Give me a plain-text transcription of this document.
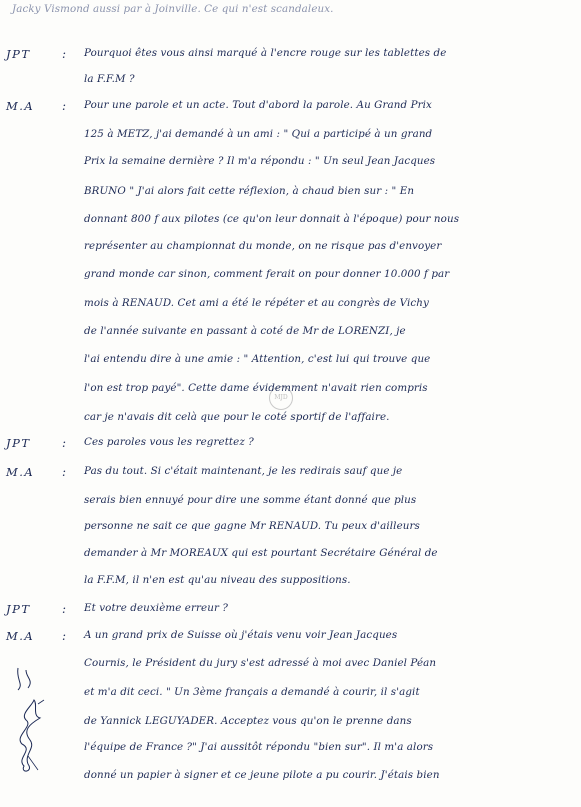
MJD
Jacky Vismond aussi par à Joinville. Ce qui n'est scandaleux.
JPT	: Pourquoi êtes vous ainsi marqué à l'encre rouge sur les tablettes de
la F.F.M ?
M.A : Pour une parole et un acte. Tout d'abord la parole. Au Grand Prix
125 à METZ, j'ai demandé à un ami : " Qui a participé à un grand
Prix la semaine dernière ? Il m'a répondu : " Un seul Jean Jacques
BRUNO " J'ai alors fait cette réflexion, à chaud bien sur : " En
donnant 800 f aux pilotes (ce qu'on leur donnait à l'époque) pour nous
représenter au championnat du monde, on ne risque pas d'envoyer
grand monde car sinon, comment ferait on pour donner 10.000 f par
mois à RENAUD. Cet ami a été le répéter et au congrès de Vichy
de l'année suivante en passant à coté de Mr de LORENZI, je
l'ai entendu dire à une amie : " Attention, c'est lui qui trouve que
l'on est trop payé". Cette dame évidemment n'avait rien compris
car je n'avais dit celà que pour le coté sportif de l'affaire.
JPT	: Ces paroles vous les regrettez ?
M.A : Pas du tout. Si c'était maintenant, je les redirais sauf que je
serais bien ennuyé pour dire une somme étant donné que plus
personne ne sait ce que gagne Mr RENAUD. Tu peux d'ailleurs
demander à Mr MOREAUX qui est pourtant Secrétaire Général de
la F.F.M, il n'en est qu'au niveau des suppositions.
JPT	: Et votre deuxième erreur ?
M.A : A un grand prix de Suisse où j'étais venu voir Jean Jacques
Cournis, le Président du jury s'est adressé à moi avec Daniel Péan
et m'a dit ceci. " Un 3ème français a demandé à courir, il s'agit
de Yannick LEGUYADER. Acceptez vous qu'on le prenne dans
l'équipe de France ?" J'ai aussitôt répondu "bien sur". Il m'a alors
donné un papier à signer et ce jeune pilote a pu courir. J'étais bien
